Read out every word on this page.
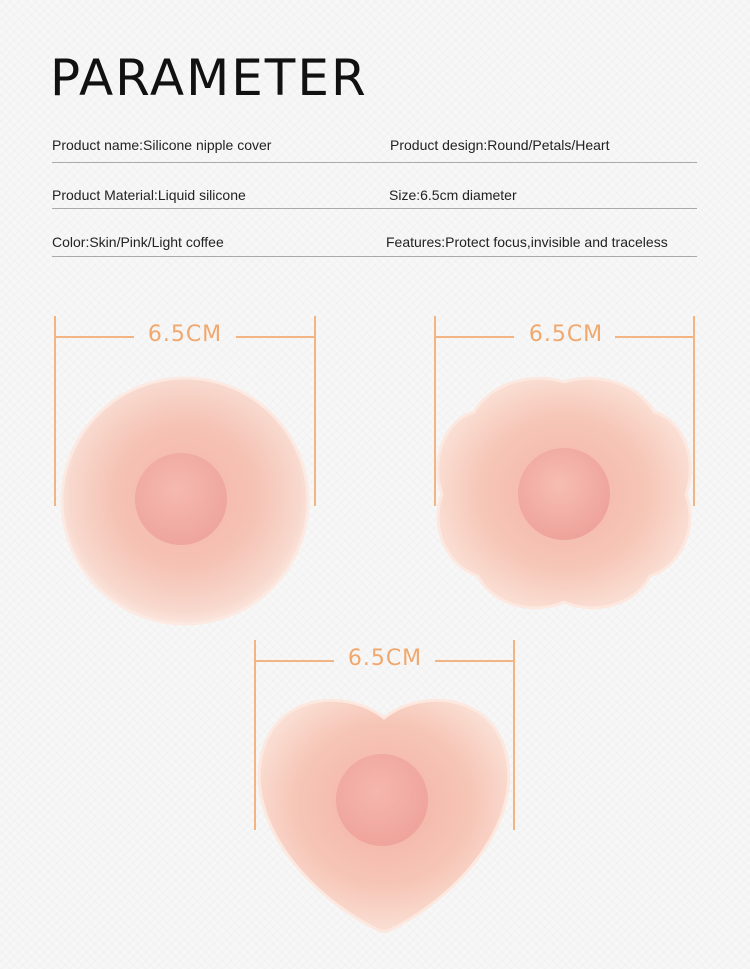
PARAMETER
Product name:Silicone nipple cover	Product design:Round/Petals/Heart
Product Material:Liquid silicone	Size:6.5cm diameter
Color:Skin/Pink/Light coffee	Features:Protect focus,invisible and traceless
6.5CM	6.5CM
6.5CM
